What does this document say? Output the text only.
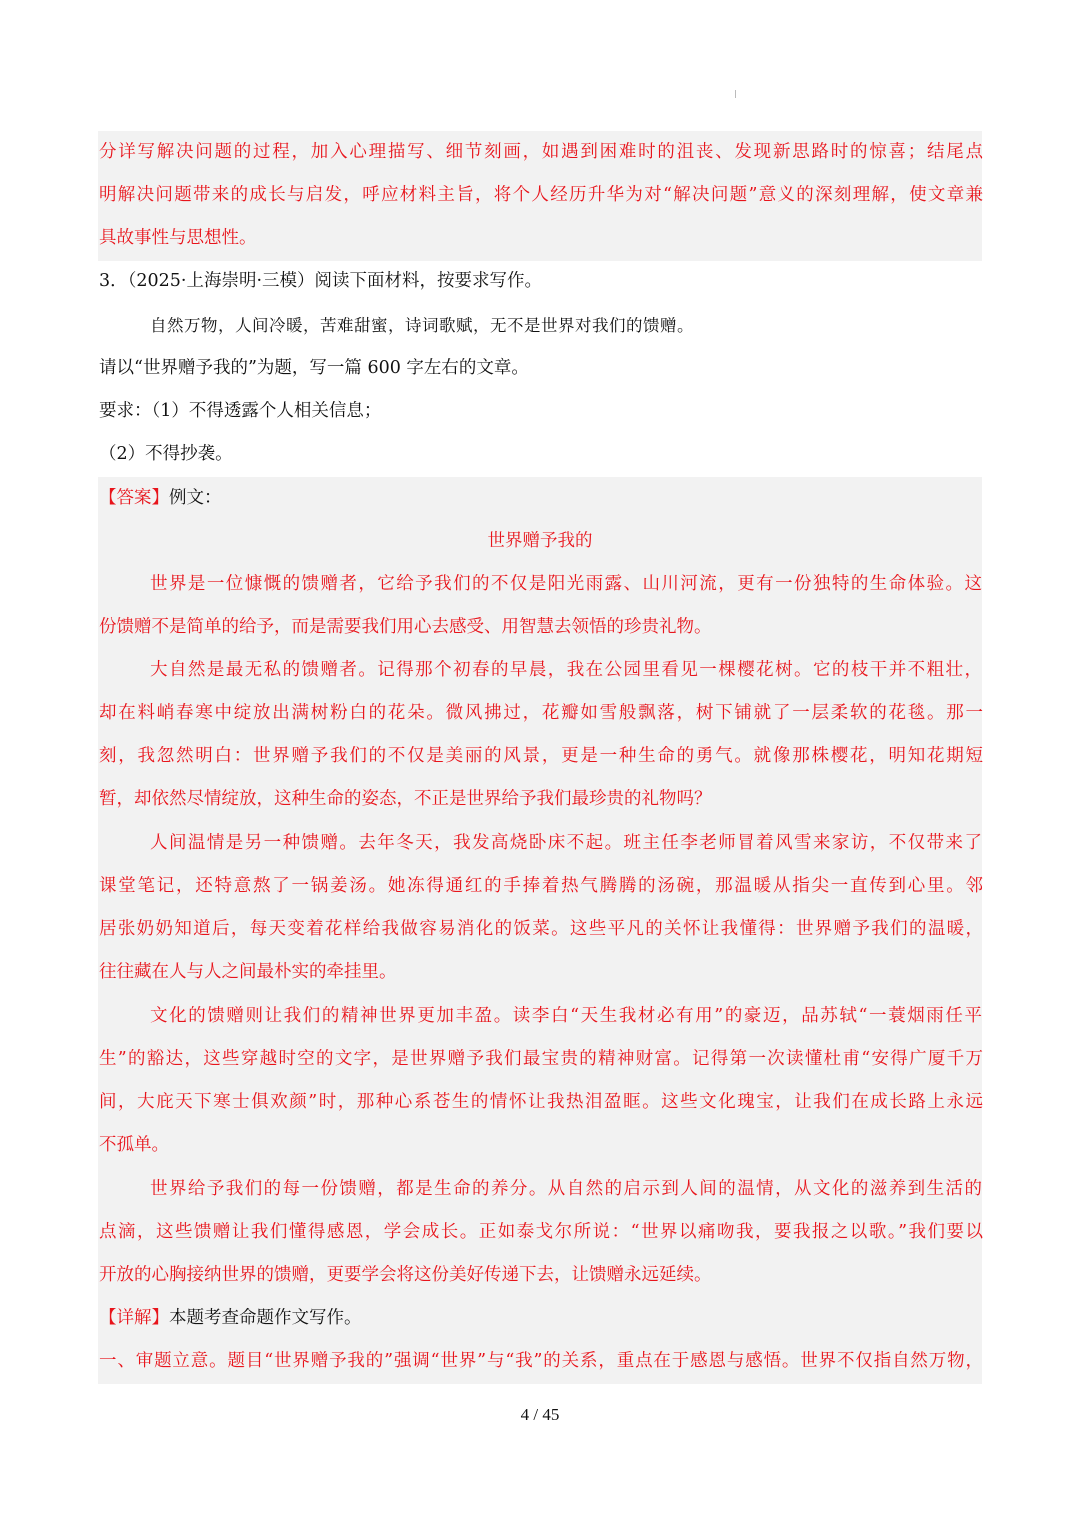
分详写解决问题的过程，加入心理描写、细节刻画，如遇到困难时的沮丧、发现新思路时的惊喜；结尾点
明解决问题带来的成长与启发，呼应材料主旨，将个人经历升华为对“解决问题”意义的深刻理解，使文章兼
具故事性与思想性。
3．（2025·上海崇明·三模）阅读下面材料，按要求写作。
自然万物，人间冷暖，苦难甜蜜，诗词歌赋，无不是世界对我们的馈赠。
请以“世界赠予我的”为题，写一篇 600 字左右的文章。
要求：（1）不得透露个人相关信息；
（2）不得抄袭。
【答案】例文：
世界赠予我的
世界是一位慷慨的馈赠者，它给予我们的不仅是阳光雨露、山川河流，更有一份独特的生命体验。这
份馈赠不是简单的给予，而是需要我们用心去感受、用智慧去领悟的珍贵礼物。
大自然是最无私的馈赠者。记得那个初春的早晨，我在公园里看见一棵樱花树。它的枝干并不粗壮，
却在料峭春寒中绽放出满树粉白的花朵。微风拂过，花瓣如雪般飘落，树下铺就了一层柔软的花毯。那一
刻，我忽然明白：世界赠予我们的不仅是美丽的风景，更是一种生命的勇气。就像那株樱花，明知花期短
暂，却依然尽情绽放，这种生命的姿态，不正是世界给予我们最珍贵的礼物吗？
人间温情是另一种馈赠。去年冬天，我发高烧卧床不起。班主任李老师冒着风雪来家访，不仅带来了
课堂笔记，还特意熬了一锅姜汤。她冻得通红的手捧着热气腾腾的汤碗，那温暖从指尖一直传到心里。邻
居张奶奶知道后，每天变着花样给我做容易消化的饭菜。这些平凡的关怀让我懂得：世界赠予我们的温暖，
往往藏在人与人之间最朴实的牵挂里。
文化的馈赠则让我们的精神世界更加丰盈。读李白“天生我材必有用”的豪迈，品苏轼“一蓑烟雨任平
生”的豁达，这些穿越时空的文字，是世界赠予我们最宝贵的精神财富。记得第一次读懂杜甫“安得广厦千万
间，大庇天下寒士俱欢颜”时，那种心系苍生的情怀让我热泪盈眶。这些文化瑰宝，让我们在成长路上永远
不孤单。
世界给予我们的每一份馈赠，都是生命的养分。从自然的启示到人间的温情，从文化的滋养到生活的
点滴，这些馈赠让我们懂得感恩，学会成长。正如泰戈尔所说：“世界以痛吻我，要我报之以歌。”我们要以
开放的心胸接纳世界的馈赠，更要学会将这份美好传递下去，让馈赠永远延续。
【详解】本题考查命题作文写作。
一、审题立意。题目“世界赠予我的”强调“世界”与“我”的关系，重点在于感恩与感悟。世界不仅指自然万物，
4 / 45
